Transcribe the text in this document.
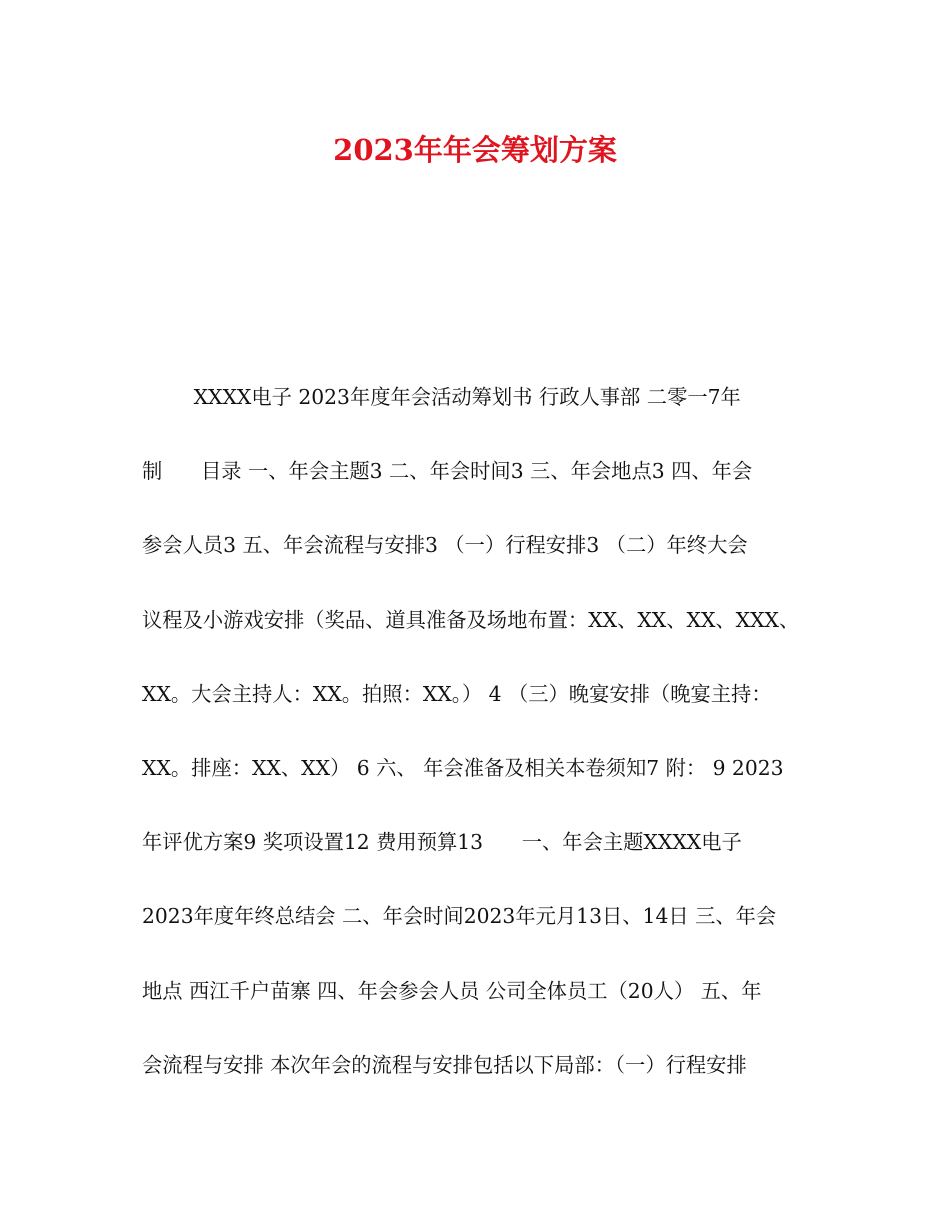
2023年年会筹划方案
XXXX电子 2023年度年会活动筹划书 行政人事部 二零一7年
制      目录 一、年会主题3 二、年会时间3 三、年会地点3 四、年会
参会人员3 五、年会流程与安排3 （一）行程安排3 （二）年终大会
议程及小游戏安排（奖品、道具准备及场地布置：XX、XX、XX、XXX、
XX。大会主持人：XX。拍照：XX。） 4 （三）晚宴安排（晚宴主持：
XX。排座：XX、XX） 6 六、 年会准备及相关本卷须知7 附： 9 2023
年评优方案9 奖项设置12 费用预算13      一、年会主题XXXX电子
2023年度年终总结会 二、年会时间2023年元月13日、14日 三、年会
地点 西江千户苗寨 四、年会参会人员 公司全体员工（20人） 五、年
会流程与安排 本次年会的流程与安排包括以下局部：（一）行程安排
